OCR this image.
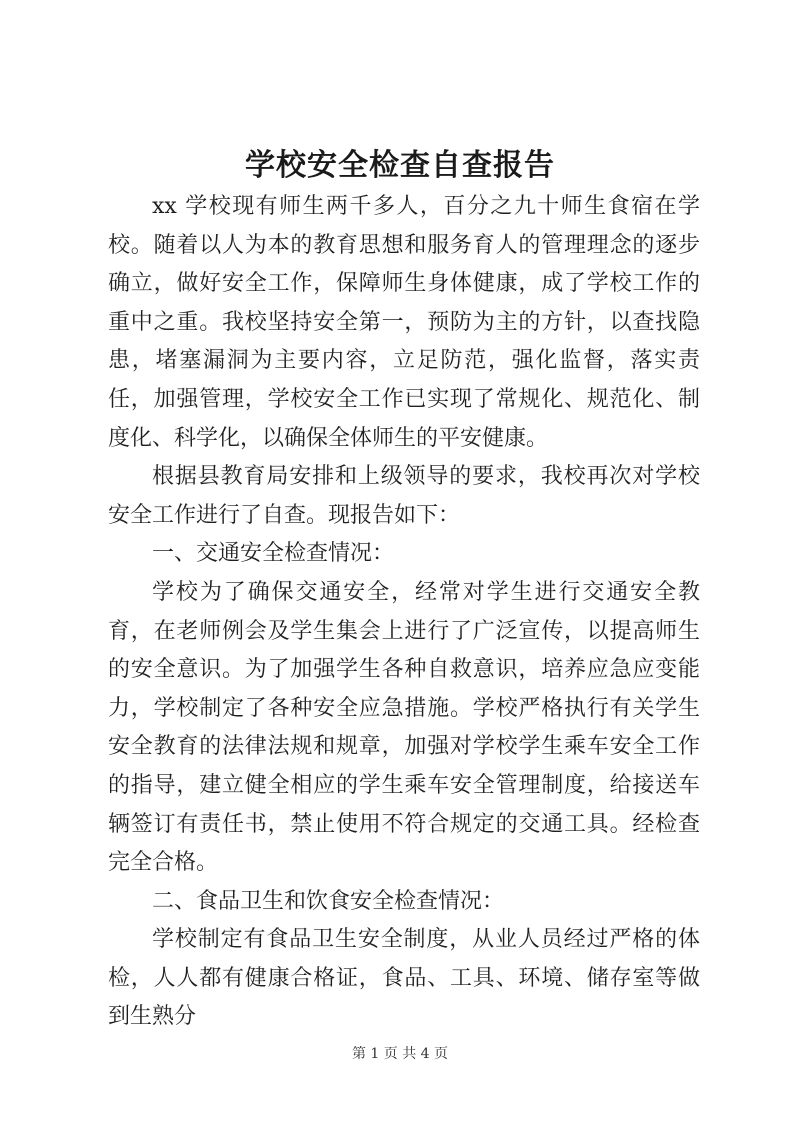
学校安全检查自查报告

xx 学校现有师生两千多人，百分之九十师生食宿在学校。随着以人为本的教育思想和服务育人的管理理念的逐步确立，做好安全工作，保障师生身体健康，成了学校工作的重中之重。我校坚持安全第一，预防为主的方针，以查找隐患，堵塞漏洞为主要内容，立足防范，强化监督，落实责任，加强管理，学校安全工作已实现了常规化、规范化、制度化、科学化，以确保全体师生的平安健康。

根据县教育局安排和上级领导的要求，我校再次对学校安全工作进行了自查。现报告如下：

一、交通安全检查情况：

学校为了确保交通安全，经常对学生进行交通安全教育，在老师例会及学生集会上进行了广泛宣传，以提高师生的安全意识。为了加强学生各种自救意识，培养应急应变能力，学校制定了各种安全应急措施。学校严格执行有关学生安全教育的法律法规和规章，加强对学校学生乘车安全工作的指导，建立健全相应的学生乘车安全管理制度，给接送车辆签订有责任书，禁止使用不符合规定的交通工具。经检查完全合格。

二、食品卫生和饮食安全检查情况：

学校制定有食品卫生安全制度，从业人员经过严格的体检，人人都有健康合格证，食品、工具、环境、储存室等做到生熟分

第 1 页 共 4 页
